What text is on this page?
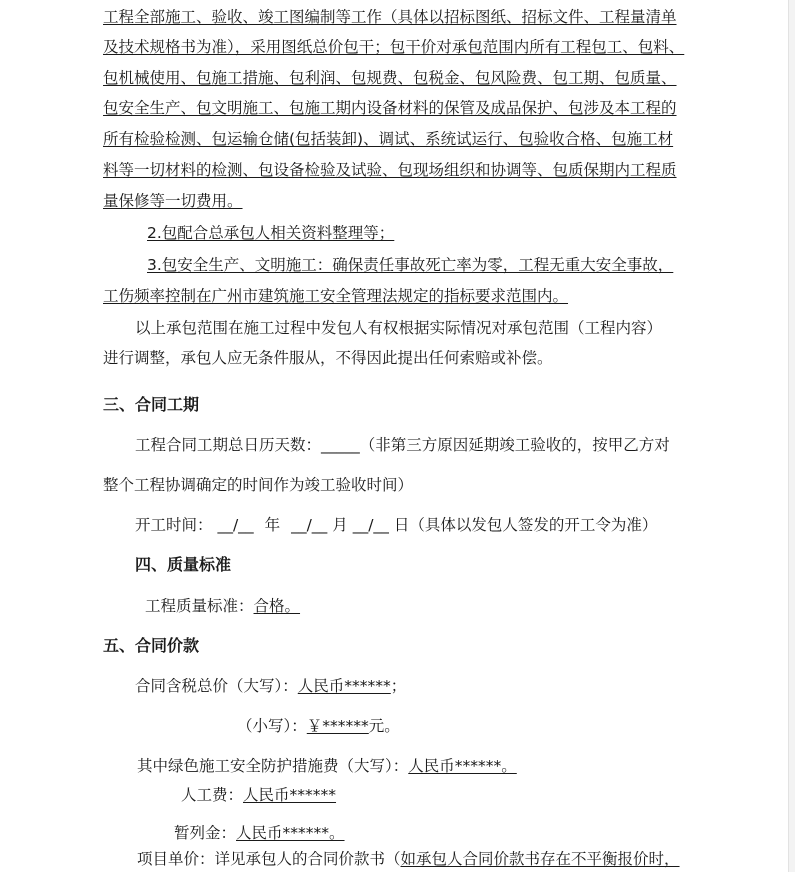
工程全部施工、验收、竣工图编制等工作（具体以招标图纸、招标文件、工程量清单
及技术规格书为准），采用图纸总价包干；包干价对承包范围内所有工程包工、包料、
包机械使用、包施工措施、包利润、包规费、包税金、包风险费、包工期、包质量、
包安全生产、包文明施工、包施工期内设备材料的保管及成品保护、包涉及本工程的
所有检验检测、包运输仓储(包括装卸)、调试、系统试运行、包验收合格、包施工材
料等一切材料的检测、包设备检验及试验、包现场组织和协调等、包质保期内工程质
量保修等一切费用。
2.包配合总承包人相关资料整理等；
3.包安全生产、文明施工：确保责任事故死亡率为零，工程无重大安全事故，
工伤频率控制在广州市建筑施工安全管理法规定的指标要求范围内。
以上承包范围在施工过程中发包人有权根据实际情况对承包范围（工程内容）
进行调整，承包人应无条件服从，不得因此提出任何索赔或补偿。
三、合同工期
工程合同工期总日历天数：_____（非第三方原因延期竣工验收的，按甲乙方对
整个工程协调确定的时间作为竣工验收时间）
开工时间： __/__ 年 __/__ 月 __/__ 日（具体以发包人签发的开工令为准）
四、质量标准
工程质量标准：合格。
五、合同价款
合同含税总价（大写）：人民币******；
（小写）：￥******元。
其中绿色施工安全防护措施费（大写）：人民币******。
人工费：人民币******
暂列金：人民币******。
项目单价：详见承包人的合同价款书（如承包人合同价款书存在不平衡报价时，
